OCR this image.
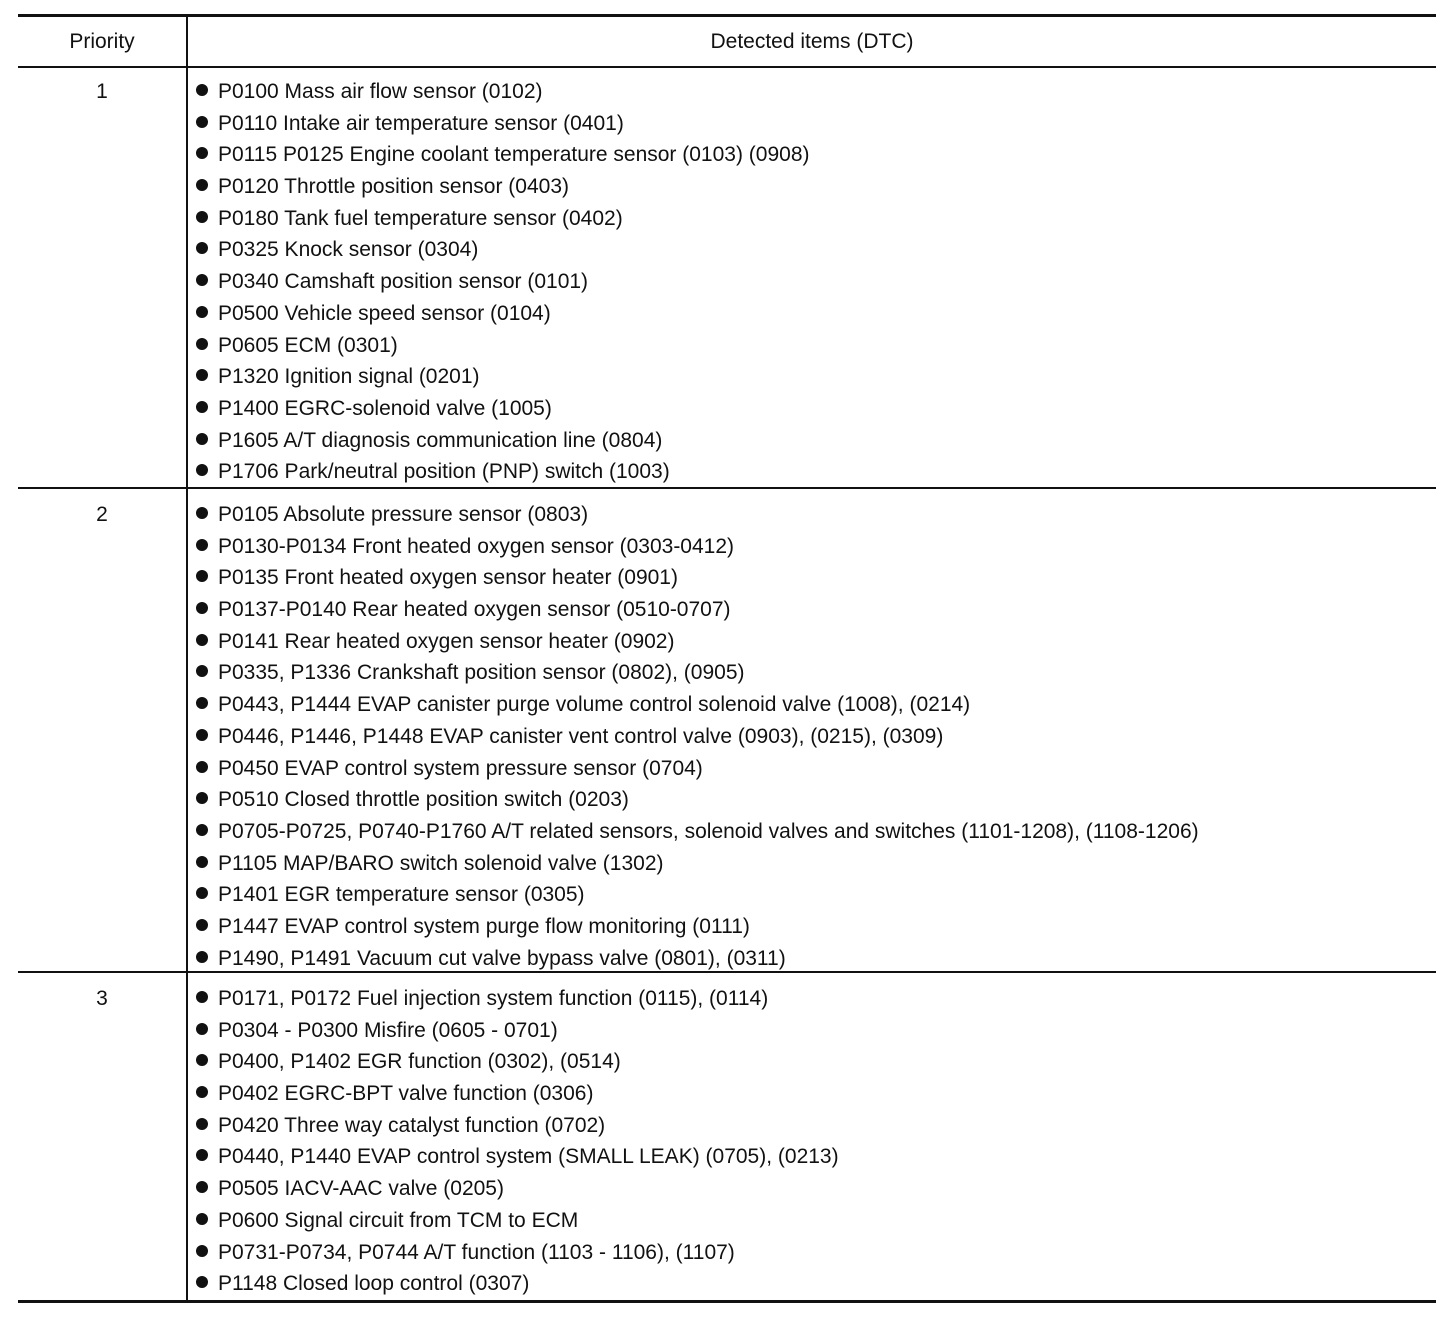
Priority	Detected items (DTC)
1	P0100 Mass air flow sensor (0102)
P0110 Intake air temperature sensor (0401)
P0115 P0125 Engine coolant temperature sensor (0103) (0908)
P0120 Throttle position sensor (0403)
P0180 Tank fuel temperature sensor (0402)
P0325 Knock sensor (0304)
P0340 Camshaft position sensor (0101)
P0500 Vehicle speed sensor (0104)
P0605 ECM (0301)
P1320 Ignition signal (0201)
P1400 EGRC-solenoid valve (1005)
P1605 A/T diagnosis communication line (0804)
P1706 Park/neutral position (PNP) switch (1003)
2	P0105 Absolute pressure sensor (0803)
P0130-P0134 Front heated oxygen sensor (0303-0412)
P0135 Front heated oxygen sensor heater (0901)
P0137-P0140 Rear heated oxygen sensor (0510-0707)
P0141 Rear heated oxygen sensor heater (0902)
P0335, P1336 Crankshaft position sensor (0802), (0905)
P0443, P1444 EVAP canister purge volume control solenoid valve (1008), (0214)
P0446, P1446, P1448 EVAP canister vent control valve (0903), (0215), (0309)
P0450 EVAP control system pressure sensor (0704)
P0510 Closed throttle position switch (0203)
P0705-P0725, P0740-P1760 A/T related sensors, solenoid valves and switches (1101-1208), (1108-1206)
P1105 MAP/BARO switch solenoid valve (1302)
P1401 EGR temperature sensor (0305)
P1447 EVAP control system purge flow monitoring (0111)
P1490, P1491 Vacuum cut valve bypass valve (0801), (0311)
3	P0171, P0172 Fuel injection system function (0115), (0114)
P0304 - P0300 Misfire (0605 - 0701)
P0400, P1402 EGR function (0302), (0514)
P0402 EGRC-BPT valve function (0306)
P0420 Three way catalyst function (0702)
P0440, P1440 EVAP control system (SMALL LEAK) (0705), (0213)
P0505 IACV-AAC valve (0205)
P0600 Signal circuit from TCM to ECM
P0731-P0734, P0744 A/T function (1103 - 1106), (1107)
P1148 Closed loop control (0307)
